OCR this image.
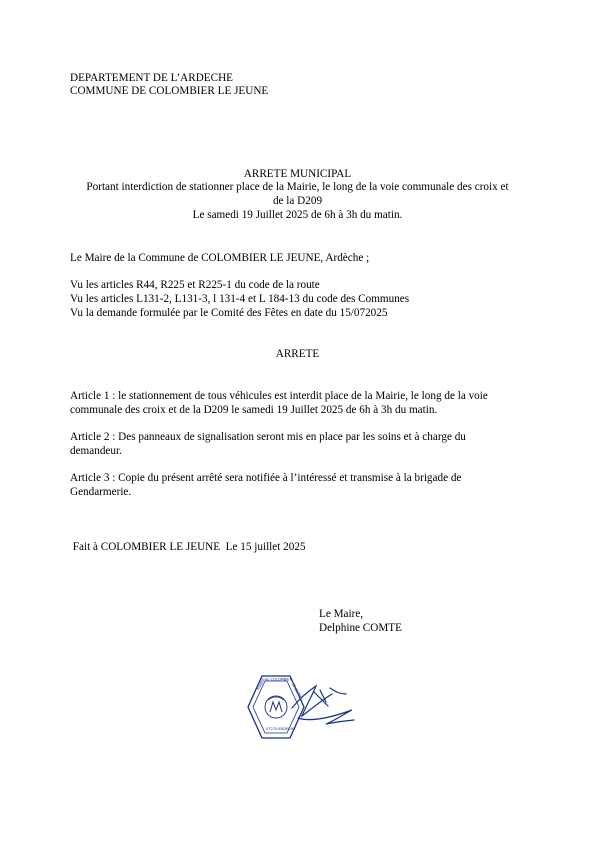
DEPARTEMENT DE L’ARDECHE
COMMUNE DE COLOMBIER LE JEUNE
ARRETE MUNICIPAL
Portant interdiction de stationner place de la Mairie, le long de la voie communale des croix et
de la D209
Le samedi 19 Juillet 2025 de 6h à 3h du matin.
Le Maire de la Commune de COLOMBIER LE JEUNE, Ardèche ;
Vu les articles R44, R225 et R225-1 du code de la route
Vu les articles L131-2, L131-3, l 131-4 et L 184-13 du code des Communes
Vu la demande formulée par le Comité des Fêtes en date du 15/072025
ARRETE
Article 1 : le stationnement de tous véhicules est interdit place de la Mairie, le long de la voie
communale des croix et de la D209 le samedi 19 Juillet 2025 de 6h à 3h du matin.
Article 2 : Des panneaux de signalisation seront mis en place par les soins et à charge du
demandeur.
Article 3 : Copie du présent arrêté sera notifiée à l’intéressé et transmise à la brigade de
Gendarmerie.
Fait à COLOMBIER LE JEUNE  Le 15 juillet 2025
Le Maire,
Delphine COMTE
MAIRIE de COLOMBIER
LE JEUNE
07270 ARDECHE
